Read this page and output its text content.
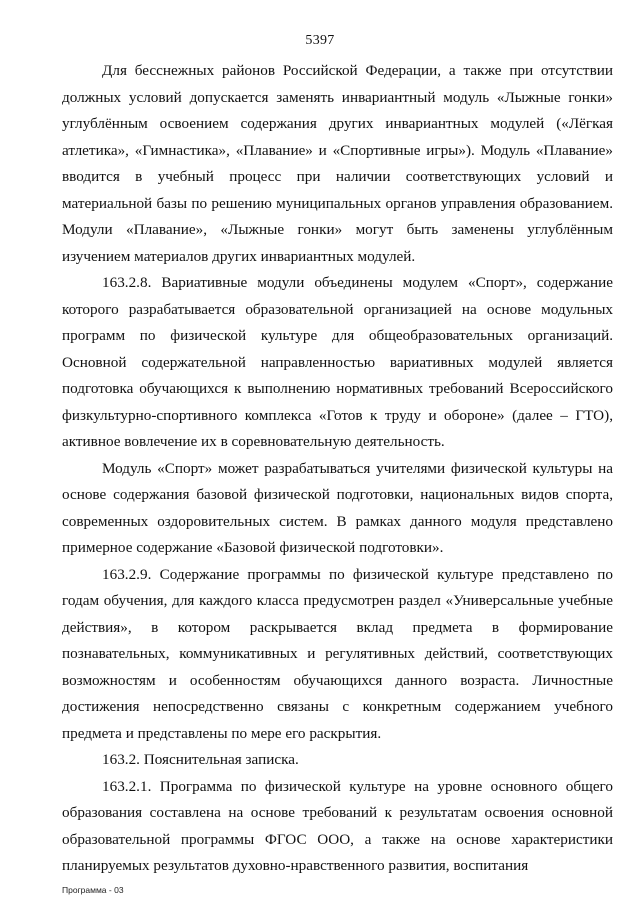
5397

Для бесснежных районов Российской Федерации, а также при отсутствии должных условий допускается заменять инвариантный модуль «Лыжные гонки» углублённым освоением содержания других инвариантных модулей («Лёгкая атлетика», «Гимнастика», «Плавание» и «Спортивные игры»). Модуль «Плавание» вводится в учебный процесс при наличии соответствующих условий и материальной базы по решению муниципальных органов управления образованием. Модули «Плавание», «Лыжные гонки» могут быть заменены углублённым изучением материалов других инвариантных модулей.

163.2.8. Вариативные модули объединены модулем «Спорт», содержание которого разрабатывается образовательной организацией на основе модульных программ по физической культуре для общеобразовательных организаций. Основной содержательной направленностью вариативных модулей является подготовка обучающихся к выполнению нормативных требований Всероссийского физкультурно-спортивного комплекса «Готов к труду и обороне» (далее – ГТО), активное вовлечение их в соревновательную деятельность.

Модуль «Спорт» может разрабатываться учителями физической культуры на основе содержания базовой физической подготовки, национальных видов спорта, современных оздоровительных систем. В рамках данного модуля представлено примерное содержание «Базовой физической подготовки».

163.2.9. Содержание программы по физической культуре представлено по годам обучения, для каждого класса предусмотрен раздел «Универсальные учебные действия», в котором раскрывается вклад предмета в формирование познавательных, коммуникативных и регулятивных действий, соответствующих возможностям и особенностям обучающихся данного возраста. Личностные достижения непосредственно связаны с конкретным содержанием учебного предмета и представлены по мере его раскрытия.

163.2. Пояснительная записка.

163.2.1. Программа по физической культуре на уровне основного общего образования составлена на основе требований к результатам освоения основной образовательной программы ФГОС ООО, а также на основе характеристики планируемых результатов духовно-нравственного развития, воспитания

Программа - 03
